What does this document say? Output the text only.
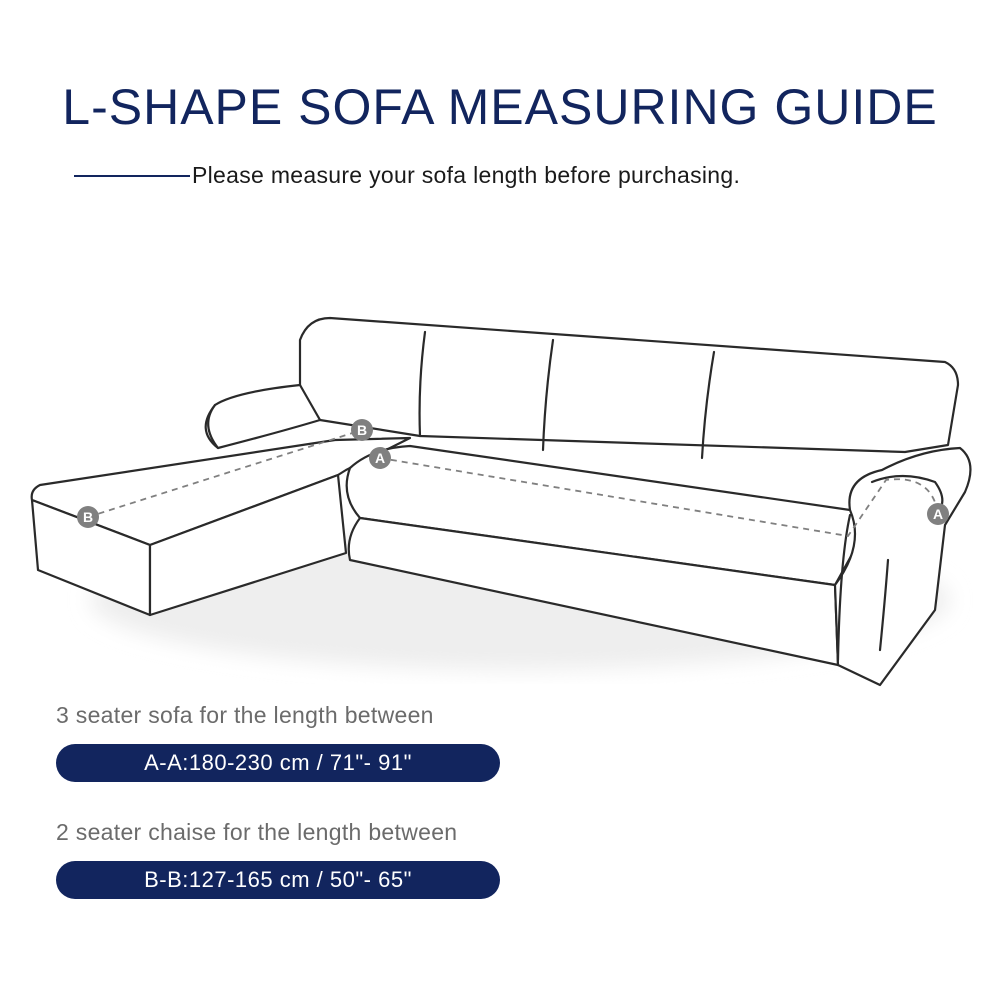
L-SHAPE SOFA MEASURING GUIDE
Please measure your sofa length before purchasing.
B
B
A
A
3 seater sofa for the length between
A-A:180-230 cm / 71"- 91"
2 seater chaise for the length between
B-B:127-165 cm / 50"- 65"
